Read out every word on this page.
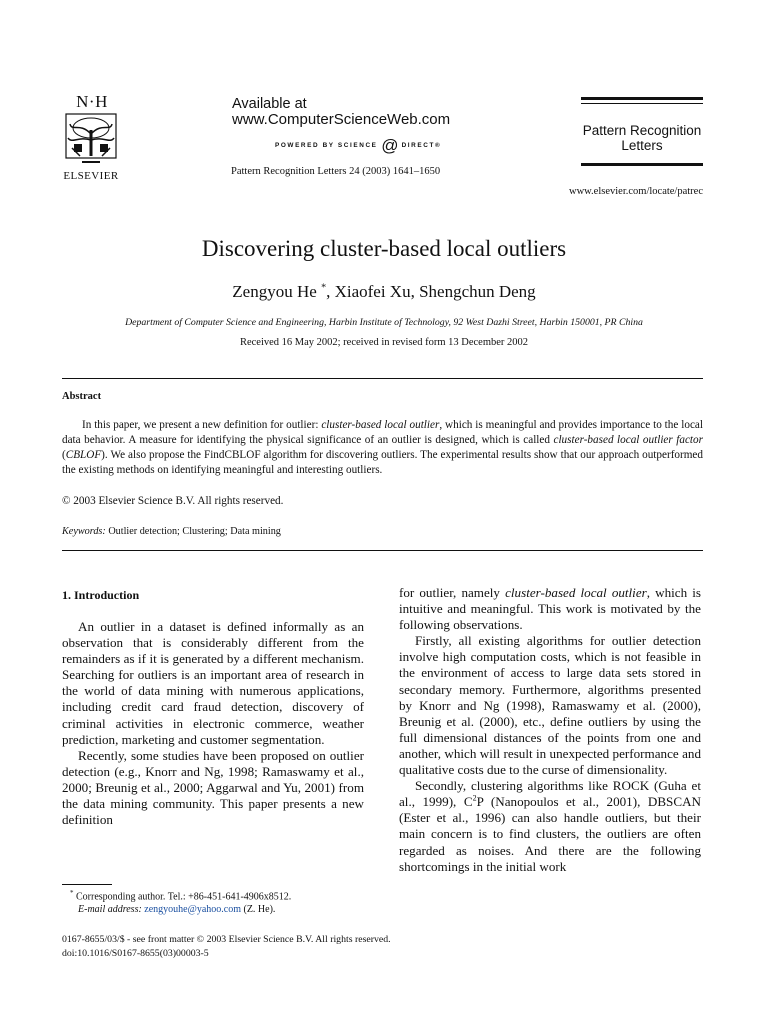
N·H
ELSEVIER
Available at
www.ComputerScienceWeb.com
POWERED BY SCIENCE @ DIRECT®
Pattern Recognition Letters 24 (2003) 1641–1650
Pattern Recognition
Letters
www.elsevier.com/locate/patrec
Discovering cluster-based local outliers
Zengyou He *, Xiaofei Xu, Shengchun Deng
Department of Computer Science and Engineering, Harbin Institute of Technology, 92 West Dazhi Street, Harbin 150001, PR China
Received 16 May 2002; received in revised form 13 December 2002
Abstract
In this paper, we present a new definition for outlier: cluster-based local outlier, which is meaningful and provides importance to the local data behavior. A measure for identifying the physical significance of an outlier is designed, which is called cluster-based local outlier factor (CBLOF). We also propose the FindCBLOF algorithm for discovering outliers. The experimental results show that our approach outperformed the existing methods on identifying meaningful and interesting outliers.
© 2003 Elsevier Science B.V. All rights reserved.
Keywords: Outlier detection; Clustering; Data mining
1. Introduction

An outlier in a dataset is defined informally as an observation that is considerably different from the remainders as if it is generated by a different mechanism. Searching for outliers is an important area of research in the world of data mining with numerous applications, including credit card fraud detection, discovery of criminal activities in electronic commerce, weather prediction, marketing and customer segmentation.

Recently, some studies have been proposed on outlier detection (e.g., Knorr and Ng, 1998; Ramaswamy et al., 2000; Breunig et al., 2000; Aggarwal and Yu, 2001) from the data mining community. This paper presents a new definition

for outlier, namely cluster-based local outlier, which is intuitive and meaningful. This work is motivated by the following observations.

Firstly, all existing algorithms for outlier detection involve high computation costs, which is not feasible in the environment of access to large data sets stored in secondary memory. Furthermore, algorithms presented by Knorr and Ng (1998), Ramaswamy et al. (2000), Breunig et al. (2000), etc., define outliers by using the full dimensional distances of the points from one and another, which will result in unexpected performance and qualitative costs due to the curse of dimensionality.

Secondly, clustering algorithms like ROCK (Guha et al., 1999), $C^2P$ (Nanopoulos et al., 2001), DBSCAN (Ester et al., 1996) can also handle outliers, but their main concern is to find clusters, the outliers are often regarded as noises. And there are the following shortcomings in the initial work

* Corresponding author. Tel.: +86-451-641-4906x8512.
E-mail address: zengyouhe@yahoo.com (Z. He).
0167-8655/03/$ - see front matter © 2003 Elsevier Science B.V. All rights reserved.
doi:10.1016/S0167-8655(03)00003-5
